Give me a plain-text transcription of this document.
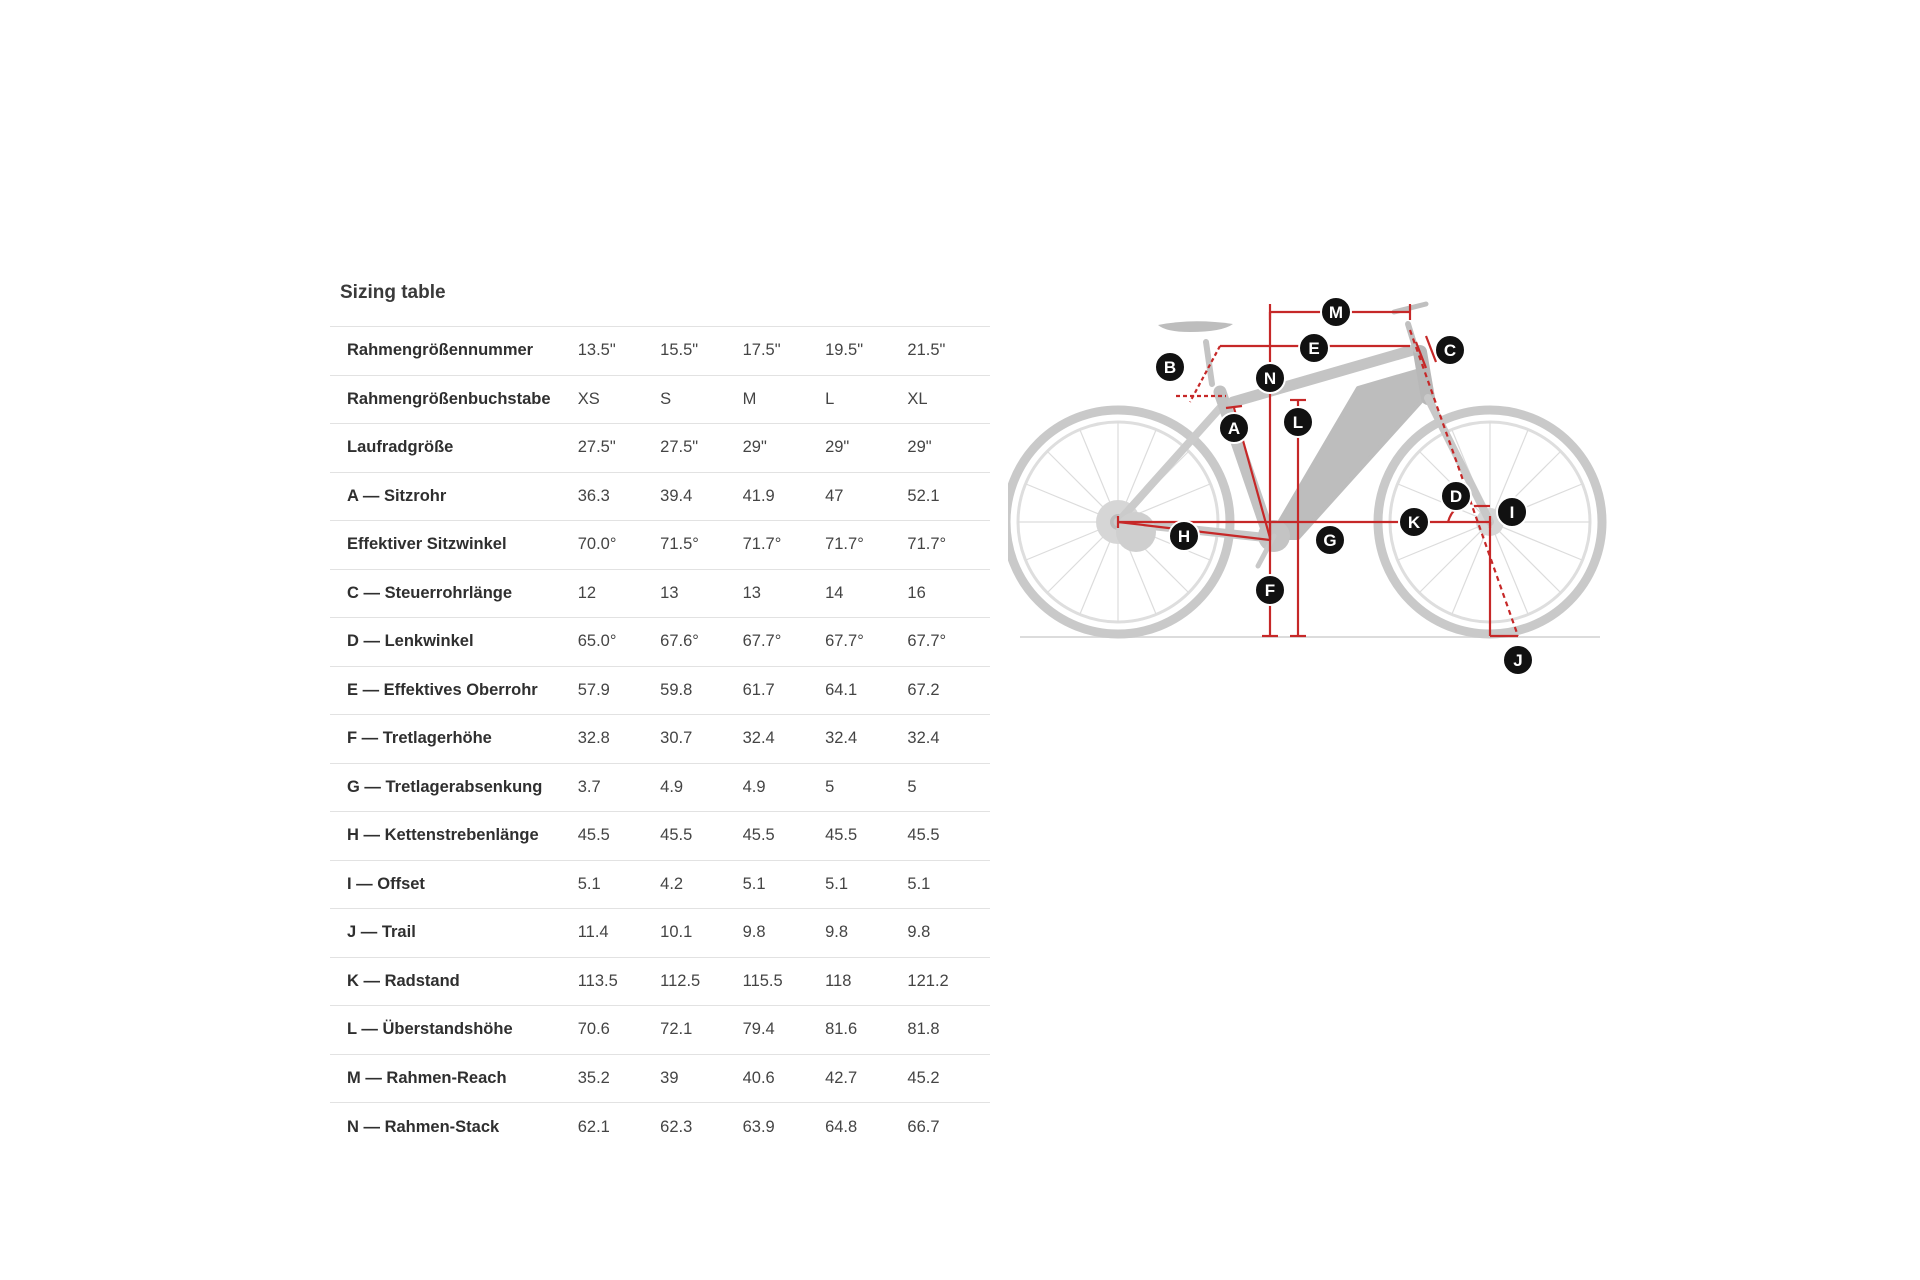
Sizing table
Rahmengrößennummer	13.5"	15.5"	17.5"	19.5"	21.5"
Rahmengrößenbuchstabe	XS	S	M	L	XL
Laufradgröße	27.5"	27.5"	29"	29"	29"
A — Sitzrohr	36.3	39.4	41.9	47	52.1
Effektiver Sitzwinkel	70.0°	71.5°	71.7°	71.7°	71.7°
C — Steuerrohrlänge	12	13	13	14	16
D — Lenkwinkel	65.0°	67.6°	67.7°	67.7°	67.7°
E — Effektives Oberrohr	57.9	59.8	61.7	64.1	67.2
F — Tretlagerhöhe	32.8	30.7	32.4	32.4	32.4
G — Tretlagerabsenkung	3.7	4.9	4.9	5	5
H — Kettenstrebenlänge	45.5	45.5	45.5	45.5	45.5
I — Offset	5.1	4.2	5.1	5.1	5.1
J — Trail	11.4	10.1	9.8	9.8	9.8
K — Radstand	113.5	112.5	115.5	118	121.2
L — Überstandshöhe	70.6	72.1	79.4	81.6	81.8
M — Rahmen-Reach	35.2	39	40.6	42.7	45.2
N — Rahmen-Stack	62.1	62.3	63.9	64.8	66.7
A
B
C
D
E
F
G
H
I
J
K
L
M
N
